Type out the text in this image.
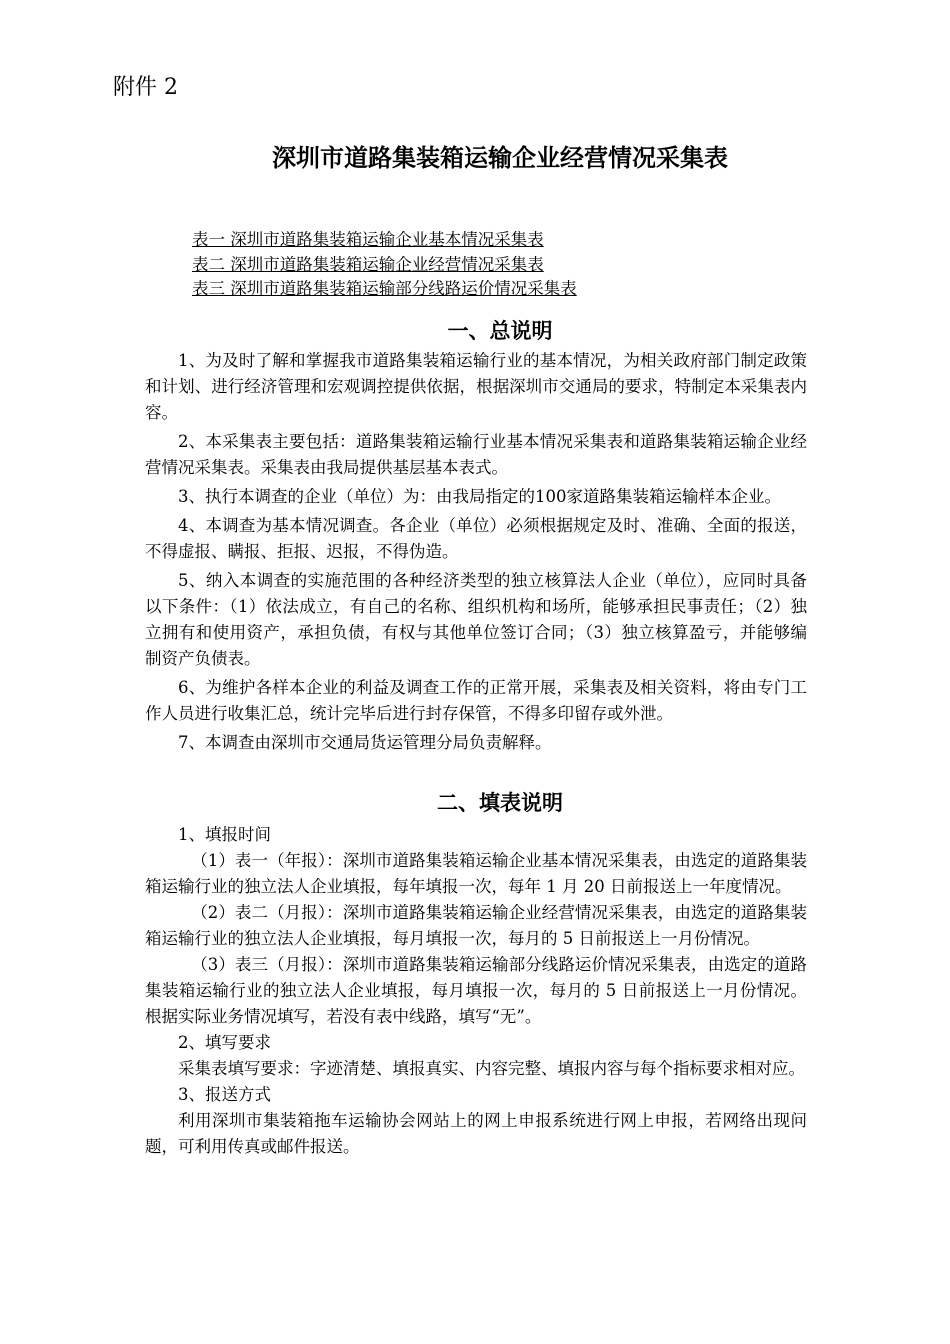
附件 2
深圳市道路集装箱运输企业经营情况采集表
表一 深圳市道路集装箱运输企业基本情况采集表
表二 深圳市道路集装箱运输企业经营情况采集表
表三 深圳市道路集装箱运输部分线路运价情况采集表
一、总说明

1、为及时了解和掌握我市道路集装箱运输行业的基本情况，为相关政府部门制定政策和计划、进行经济管理和宏观调控提供依据，根据深圳市交通局的要求，特制定本采集表内容。

2、本采集表主要包括：道路集装箱运输行业基本情况采集表和道路集装箱运输企业经营情况采集表。采集表由我局提供基层基本表式。

3、执行本调查的企业（单位）为：由我局指定的100家道路集装箱运输样本企业。

4、本调查为基本情况调查。各企业（单位）必须根据规定及时、准确、全面的报送，不得虚报、瞒报、拒报、迟报，不得伪造。

5、纳入本调查的实施范围的各种经济类型的独立核算法人企业（单位），应同时具备以下条件：（1）依法成立，有自己的名称、组织机构和场所，能够承担民事责任；（2）独立拥有和使用资产，承担负债，有权与其他单位签订合同；（3）独立核算盈亏，并能够编制资产负债表。

6、为维护各样本企业的利益及调查工作的正常开展，采集表及相关资料，将由专门工作人员进行收集汇总，统计完毕后进行封存保管，不得多印留存或外泄。

7、本调查由深圳市交通局货运管理分局负责解释。

二、填表说明

1、填报时间

（1）表一（年报）：深圳市道路集装箱运输企业基本情况采集表，由选定的道路集装箱运输行业的独立法人企业填报，每年填报一次，每年 1 月 20 日前报送上一年度情况。

（2）表二（月报）：深圳市道路集装箱运输企业经营情况采集表，由选定的道路集装箱运输行业的独立法人企业填报，每月填报一次，每月的 5 日前报送上一月份情况。

（3）表三（月报）：深圳市道路集装箱运输部分线路运价情况采集表，由选定的道路集装箱运输行业的独立法人企业填报，每月填报一次，每月的 5 日前报送上一月份情况。根据实际业务情况填写，若没有表中线路，填写“无”。

2、填写要求

采集表填写要求：字迹清楚、填报真实、内容完整、填报内容与每个指标要求相对应。

3、报送方式

利用深圳市集装箱拖车运输协会网站上的网上申报系统进行网上申报，若网络出现问题，可利用传真或邮件报送。
